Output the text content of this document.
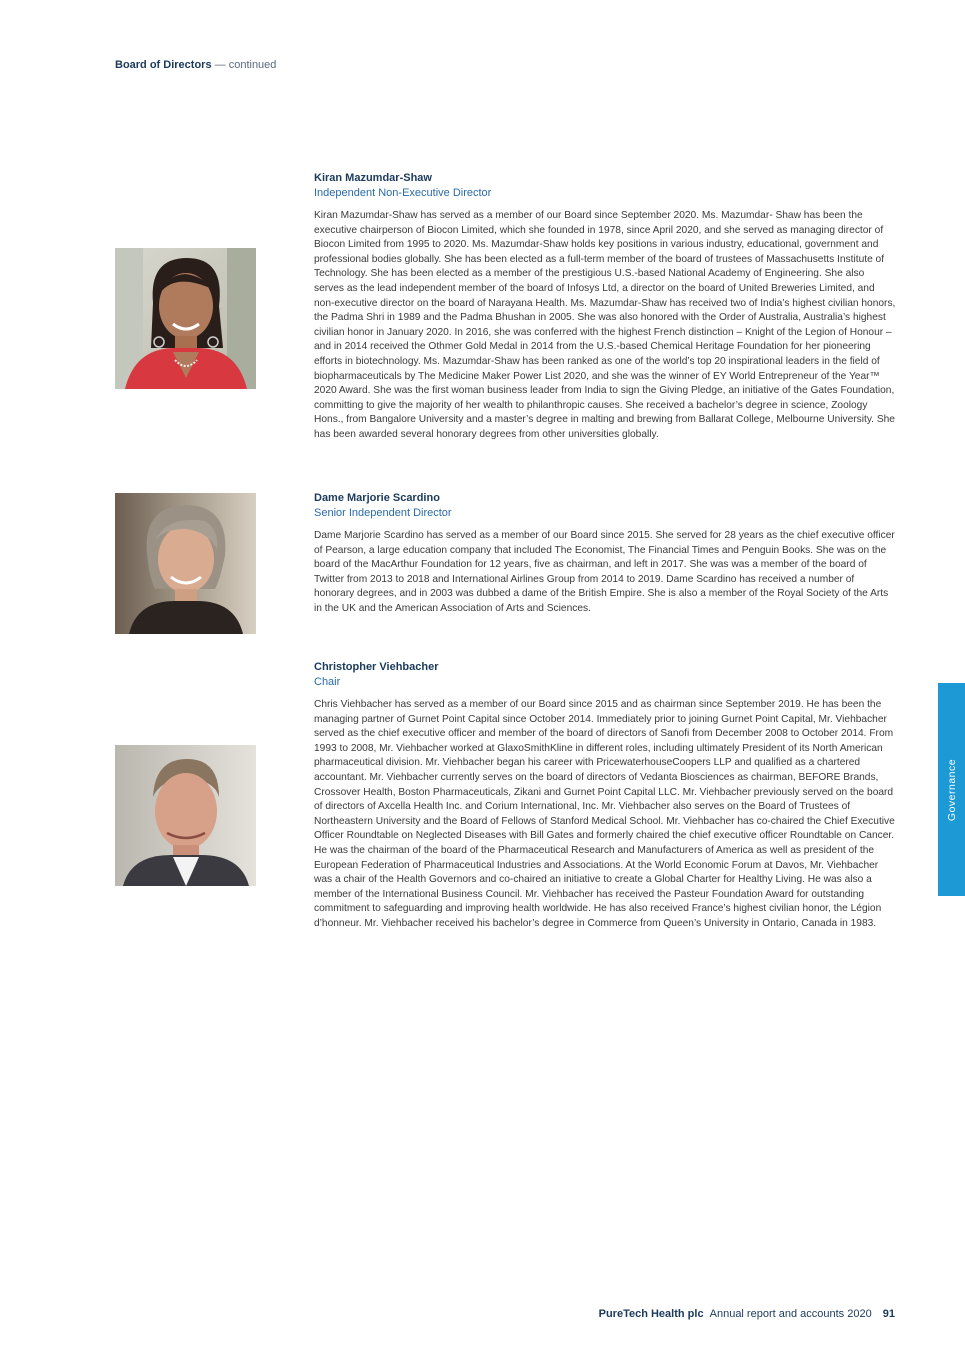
Board of Directors — continued

Kiran Mazumdar-Shaw

Independent Non-Executive Director

Kiran Mazumdar-Shaw has served as a member of our Board since September 2020. Ms. Mazumdar- Shaw has been the executive chairperson of Biocon Limited, which she founded in 1978, since April 2020, and she served as managing director of Biocon Limited from 1995 to 2020. Ms. Mazumdar-Shaw holds key positions in various industry, educational, government and professional bodies globally. She has been elected as a full-term member of the board of trustees of Massachusetts Institute of Technology. She has been elected as a member of the prestigious U.S.-based National Academy of Engineering. She also serves as the lead independent member of the board of Infosys Ltd, a director on the board of United Breweries Limited, and non-executive director on the board of Narayana Health. Ms. Mazumdar-Shaw has received two of India’s highest civilian honors, the Padma Shri in 1989 and the Padma Bhushan in 2005. She was also honored with the Order of Australia, Australia’s highest civilian honor in January 2020. In 2016, she was conferred with the highest French distinction – Knight of the Legion of Honour – and in 2014 received the Othmer Gold Medal in 2014 from the U.S.-based Chemical Heritage Foundation for her pioneering efforts in biotechnology. Ms. Mazumdar-Shaw has been ranked as one of the world’s top 20 inspirational leaders in the field of biopharmaceuticals by The Medicine Maker Power List 2020, and she was the winner of EY World Entrepreneur of the Year™ 2020 Award. She was the first woman business leader from India to sign the Giving Pledge, an initiative of the Gates Foundation, committing to give the majority of her wealth to philanthropic causes. She received a bachelor’s degree in science, Zoology Hons., from Bangalore University and a master’s degree in malting and brewing from Ballarat College, Melbourne University. She has been awarded several honorary degrees from other universities globally.

Dame Marjorie Scardino

Senior Independent Director

Dame Marjorie Scardino has served as a member of our Board since 2015. She served for 28 years as the chief executive officer of Pearson, a large education company that included The Economist, The Financial Times and Penguin Books. She was on the board of the MacArthur Foundation for 12 years, five as chairman, and left in 2017. She was was a member of the board of Twitter from 2013 to 2018 and International Airlines Group from 2014 to 2019. Dame Scardino has received a number of honorary degrees, and in 2003 was dubbed a dame of the British Empire. She is also a member of the Royal Society of the Arts in the UK and the American Association of Arts and Sciences.

Christopher Viehbacher

Chair

Chris Viehbacher has served as a member of our Board since 2015 and as chairman since September 2019. He has been the managing partner of Gurnet Point Capital since October 2014. Immediately prior to joining Gurnet Point Capital, Mr. Viehbacher served as the chief executive officer and member of the board of directors of Sanofi from December 2008 to October 2014. From 1993 to 2008, Mr. Viehbacher worked at GlaxoSmithKline in different roles, including ultimately President of its North American pharmaceutical division. Mr. Viehbacher began his career with PricewaterhouseCoopers LLP and qualified as a chartered accountant. Mr. Viehbacher currently serves on the board of directors of Vedanta Biosciences as chairman, BEFORE Brands, Crossover Health, Boston Pharmaceuticals, Zikani and Gurnet Point Capital LLC. Mr. Viehbacher previously served on the board of directors of Axcella Health Inc. and Corium International, Inc. Mr. Viehbacher also serves on the Board of Trustees of Northeastern University and the Board of Fellows of Stanford Medical School. Mr. Viehbacher has co-chaired the Chief Executive Officer Roundtable on Neglected Diseases with Bill Gates and formerly chaired the chief executive officer Roundtable on Cancer. He was the chairman of the board of the Pharmaceutical Research and Manufacturers of America as well as president of the European Federation of Pharmaceutical Industries and Associations. At the World Economic Forum at Davos, Mr. Viehbacher was a chair of the Health Governors and co-chaired an initiative to create a Global Charter for Healthy Living. He was also a member of the International Business Council. Mr. Viehbacher has received the Pasteur Foundation Award for outstanding commitment to safeguarding and improving health worldwide. He has also received France’s highest civilian honor, the Légion d’honneur. Mr. Viehbacher received his bachelor’s degree in Commerce from Queen’s University in Ontario, Canada in 1983.

Governance
PureTech Health plc Annual report and accounts 2020 91
